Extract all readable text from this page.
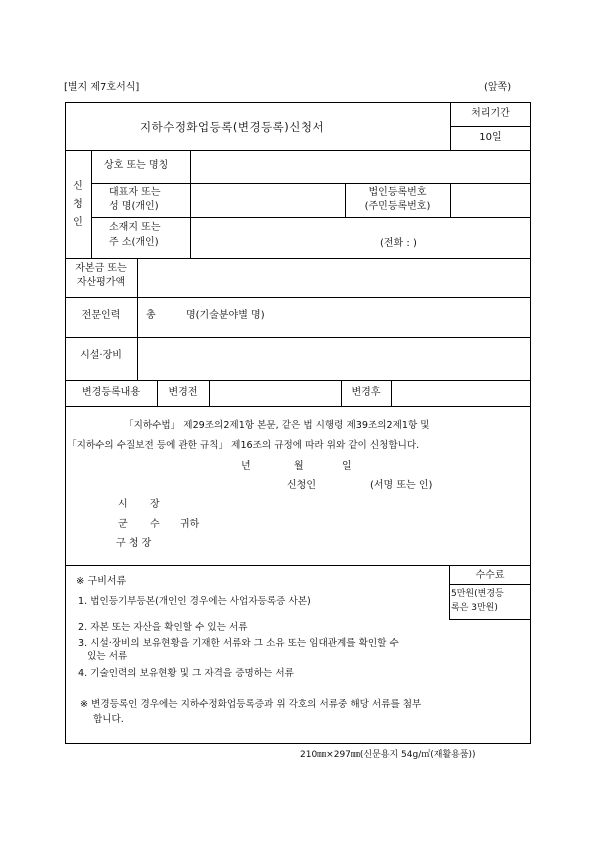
[별지 제7호서식]	(앞쪽)
지하수정화업등록(변경등록)신청서
처리기간
10일
신
청
인
상호 또는 명칭
대표자 또는
성 명(개인)
법인등록번호
(주민등록번호)
소재지 또는
주 소(개인)	(전화 : )
자본금 또는
자산평가액
전문인력	총	명(기술분야별 명)
시설·장비
변경등록내용	변경전	변경후
「지하수법」 제29조의2제1항 본문, 같은 법 시행령 제39조의2제1항 및
「지하수의 수질보전 등에 관한 규칙」 제16조의 규정에 따라 위와 같이 신청합니다.
년	월	일
신청인	(서명 또는 인)
시 장
군 수 귀하
구 청 장
※ 구비서류
1. 법인등기부등본(개인인 경우에는 사업자등록증 사본)
2. 자본 또는 자산을 확인할 수 있는 서류
3. 시설·장비의 보유현황을 기재한 서류와 그 소유 또는 임대관계를 확인할 수
있는 서류
4. 기술인력의 보유현황 및 그 자격을 증명하는 서류
※ 변경등록인 경우에는 지하수정화업등록증과 위 각호의 서류중 해당 서류를 첨부
합니다.
수수료
5만원(변경등
록은 3만원)
210㎜×297㎜(신문용지 54g/㎡(재활용품))
